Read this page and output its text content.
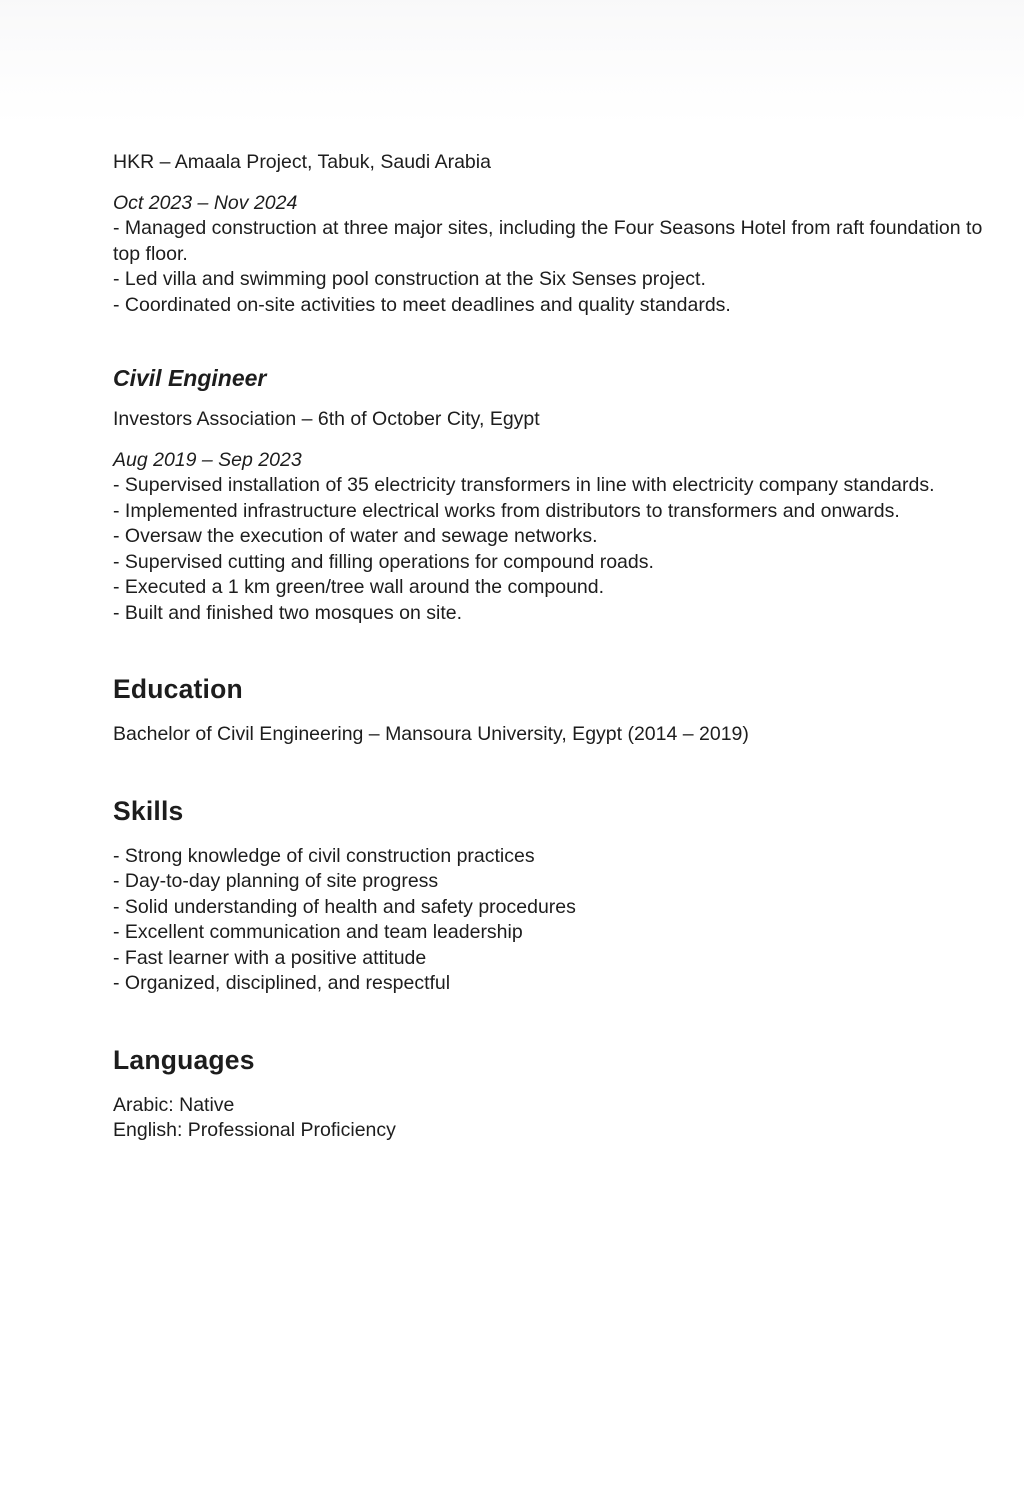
HKR – Amaala Project, Tabuk, Saudi Arabia

Oct 2023 – Nov 2024

- Managed construction at three major sites, including the Four Seasons Hotel from raft foundation to top floor.

- Led villa and swimming pool construction at the Six Senses project.

- Coordinated on-site activities to meet deadlines and quality standards.

Civil Engineer

Investors Association – 6th of October City, Egypt

Aug 2019 – Sep 2023

- Supervised installation of 35 electricity transformers in line with electricity company standards.

- Implemented infrastructure electrical works from distributors to transformers and onwards.

- Oversaw the execution of water and sewage networks.

- Supervised cutting and filling operations for compound roads.

- Executed a 1 km green/tree wall around the compound.

- Built and finished two mosques on site.

Education

Bachelor of Civil Engineering – Mansoura University, Egypt (2014 – 2019)

Skills

- Strong knowledge of civil construction practices

- Day-to-day planning of site progress

- Solid understanding of health and safety procedures

- Excellent communication and team leadership

- Fast learner with a positive attitude

- Organized, disciplined, and respectful

Languages

Arabic: Native

English: Professional Proficiency
